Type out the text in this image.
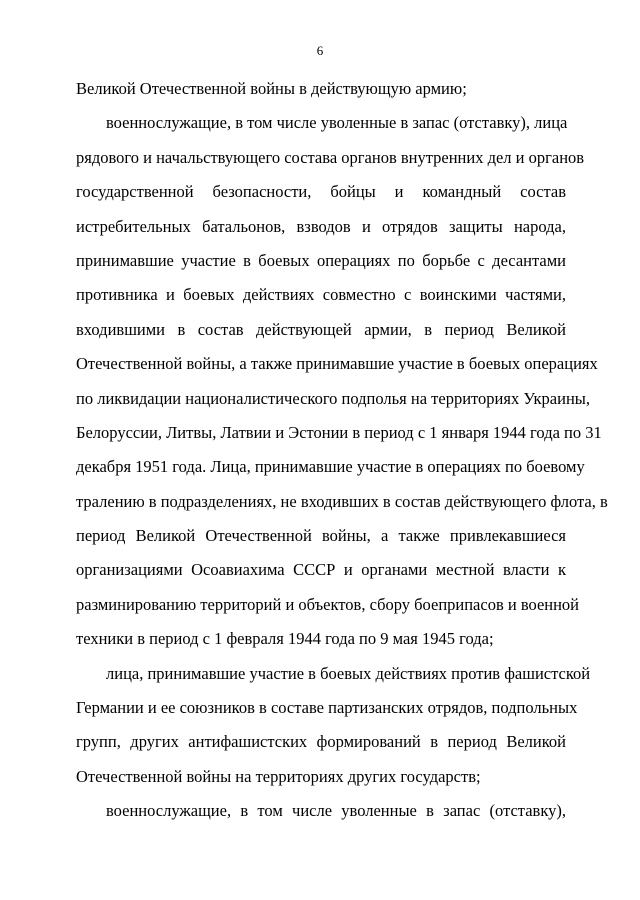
6
Великой Отечественной войны в действующую армию;
военнослужащие, в том числе уволенные в запас (отставку), лица
рядового и начальствующего состава органов внутренних дел и органов
государственной безопасности, бойцы и командный состав
истребительных батальонов, взводов и отрядов защиты народа,
принимавшие участие в боевых операциях по борьбе с десантами
противника и боевых действиях совместно с воинскими частями,
входившими в состав действующей армии, в период Великой
Отечественной войны, а также принимавшие участие в боевых операциях
по ликвидации националистического подполья на территориях Украины,
Белоруссии, Литвы, Латвии и Эстонии в период с 1 января 1944 года по 31
декабря 1951 года. Лица, принимавшие участие в операциях по боевому
тралению в подразделениях, не входивших в состав действующего флота, в
период Великой Отечественной войны, а также привлекавшиеся
организациями Осоавиахима СССР и органами местной власти к
разминированию территорий и объектов, сбору боеприпасов и военной
техники в период с 1 февраля 1944 года по 9 мая 1945 года;
лица, принимавшие участие в боевых действиях против фашистской
Германии и ее союзников в составе партизанских отрядов, подпольных
групп, других антифашистских формирований в период Великой
Отечественной войны на территориях других государств;
военнослужащие, в том числе уволенные в запас (отставку),
